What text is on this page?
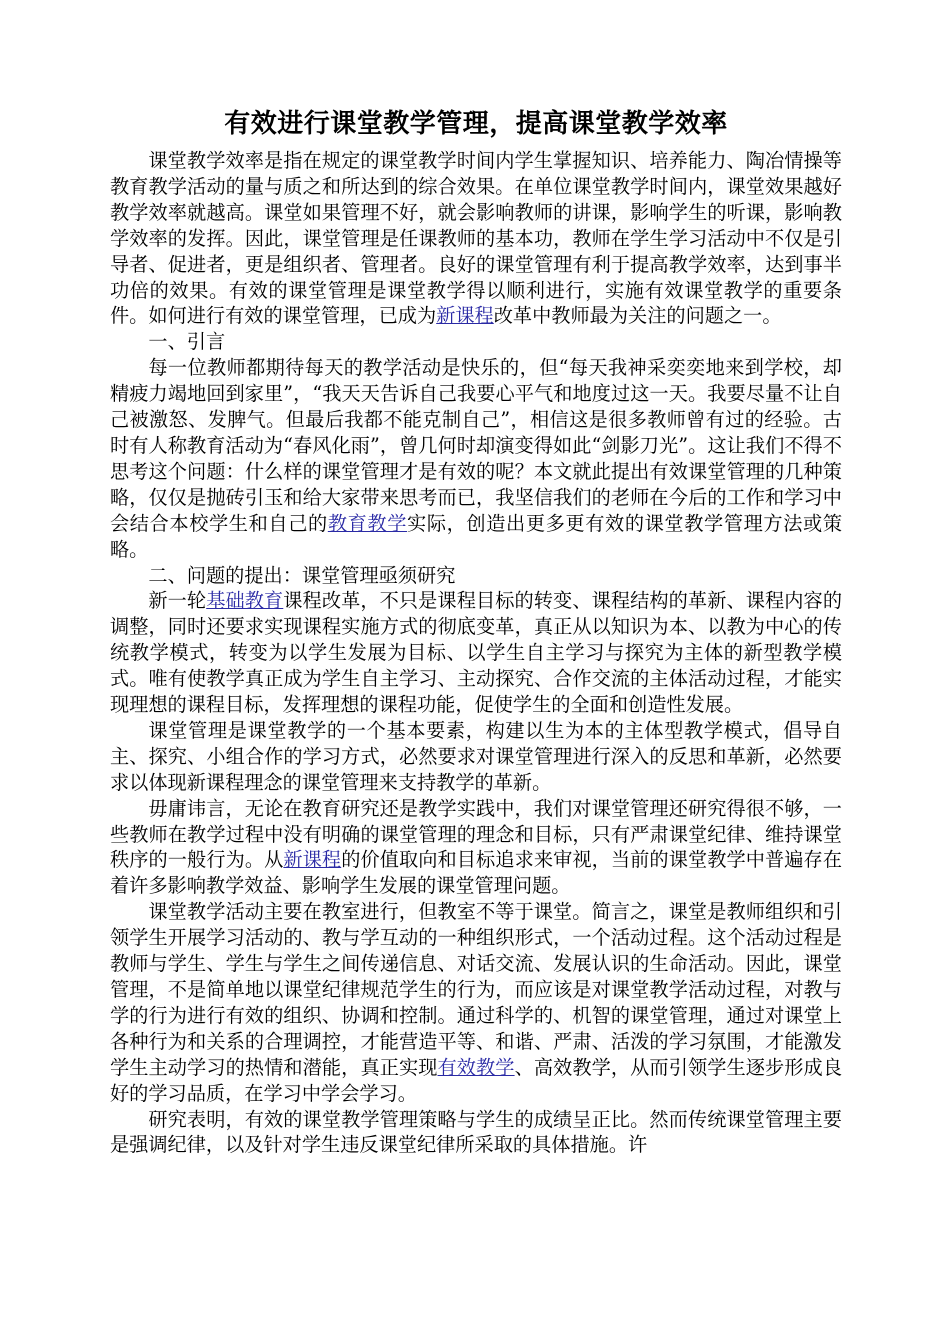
有效进行课堂教学管理，提高课堂教学效率

课堂教学效率是指在规定的课堂教学时间内学生掌握知识、培养能力、陶冶情操等教育教学活动的量与质之和所达到的综合效果。在单位课堂教学时间内，课堂效果越好教学效率就越高。课堂如果管理不好，就会影响教师的讲课，影响学生的听课，影响教学效率的发挥。因此，课堂管理是任课教师的基本功，教师在学生学习活动中不仅是引导者、促进者，更是组织者、管理者。良好的课堂管理有利于提高教学效率，达到事半功倍的效果。有效的课堂管理是课堂教学得以顺利进行，实施有效课堂教学的重要条件。如何进行有效的课堂管理，已成为新课程改革中教师最为关注的问题之一。

一、引言

每一位教师都期待每天的教学活动是快乐的，但“每天我神采奕奕地来到学校，却精疲力竭地回到家里”，“我天天告诉自己我要心平气和地度过这一天。我要尽量不让自己被激怒、发脾气。但最后我都不能克制自己”，相信这是很多教师曾有过的经验。古时有人称教育活动为“春风化雨”，曾几何时却演变得如此“剑影刀光”。这让我们不得不思考这个问题：什么样的课堂管理才是有效的呢？本文就此提出有效课堂管理的几种策略，仅仅是抛砖引玉和给大家带来思考而已，我坚信我们的老师在今后的工作和学习中会结合本校学生和自己的教育教学实际，创造出更多更有效的课堂教学管理方法或策略。

二、问题的提出：课堂管理亟须研究

新一轮基础教育课程改革，不只是课程目标的转变、课程结构的革新、课程内容的调整，同时还要求实现课程实施方式的彻底变革，真正从以知识为本、以教为中心的传统教学模式，转变为以学生发展为目标、以学生自主学习与探究为主体的新型教学模式。唯有使教学真正成为学生自主学习、主动探究、合作交流的主体活动过程，才能实现理想的课程目标，发挥理想的课程功能，促使学生的全面和创造性发展。

课堂管理是课堂教学的一个基本要素，构建以生为本的主体型教学模式，倡导自主、探究、小组合作的学习方式，必然要求对课堂管理进行深入的反思和革新，必然要求以体现新课程理念的课堂管理来支持教学的革新。

毋庸讳言，无论在教育研究还是教学实践中，我们对课堂管理还研究得很不够，一些教师在教学过程中没有明确的课堂管理的理念和目标，只有严肃课堂纪律、维持课堂秩序的一般行为。从新课程的价值取向和目标追求来审视，当前的课堂教学中普遍存在着许多影响教学效益、影响学生发展的课堂管理问题。

课堂教学活动主要在教室进行，但教室不等于课堂。简言之，课堂是教师组织和引领学生开展学习活动的、教与学互动的一种组织形式，一个活动过程。这个活动过程是教师与学生、学生与学生之间传递信息、对话交流、发展认识的生命活动。因此，课堂管理，不是简单地以课堂纪律规范学生的行为，而应该是对课堂教学活动过程，对教与学的行为进行有效的组织、协调和控制。通过科学的、机智的课堂管理，通过对课堂上各种行为和关系的合理调控，才能营造平等、和谐、严肃、活泼的学习氛围，才能激发学生主动学习的热情和潜能，真正实现有效教学、高效教学，从而引领学生逐步形成良好的学习品质，在学习中学会学习。

研究表明，有效的课堂教学管理策略与学生的成绩呈正比。然而传统课堂管理主要是强调纪律，以及针对学生违反课堂纪律所采取的具体措施。许
